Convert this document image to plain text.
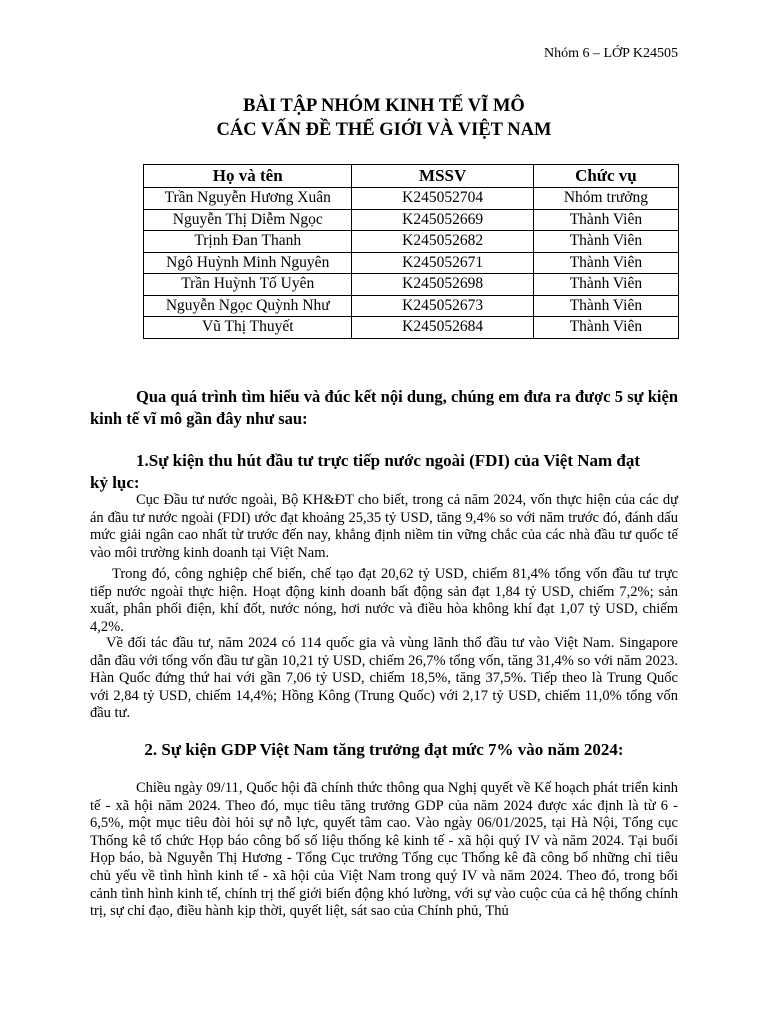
Nhóm 6 – LỚP K24505
BÀI TẬP NHÓM KINH TẾ VĨ MÔ
CÁC VẤN ĐỀ THẾ GIỚI VÀ VIỆT NAM
Họ và tên	MSSV	Chức vụ
Trần Nguyễn Hương Xuân	K245052704	Nhóm trưởng
Nguyễn Thị Diễm Ngọc	K245052669	Thành Viên
Trịnh Đan Thanh	K245052682	Thành Viên
Ngô Huỳnh Minh Nguyên	K245052671	Thành Viên
Trần Huỳnh Tố Uyên	K245052698	Thành Viên
Nguyễn Ngọc Quỳnh Như	K245052673	Thành Viên
Vũ Thị Thuyết	K245052684	Thành Viên
Qua quá trình tìm hiểu và đúc kết nội dung, chúng em đưa ra được 5 sự kiện kinh tế vĩ mô gần đây như sau:
1.Sự kiện thu hút đầu tư trực tiếp nước ngoài (FDI) của Việt Nam đạt
kỷ lục:
Cục Đầu tư nước ngoài, Bộ KH&ĐT cho biết, trong cả năm 2024, vốn thực hiện của các dự án đầu tư nước ngoài (FDI) ước đạt khoảng 25,35 tỷ USD, tăng 9,4% so với năm trước đó, đánh dấu mức giải ngân cao nhất từ trước đến nay, khẳng định niềm tin vững chắc của các nhà đầu tư quốc tế vào môi trường kinh doanh tại Việt Nam.
Trong đó, công nghiệp chế biến, chế tạo đạt 20,62 tỷ USD, chiếm 81,4% tổng vốn đầu tư trực tiếp nước ngoài thực hiện. Hoạt động kinh doanh bất động sản đạt 1,84 tỷ USD, chiếm 7,2%; sản xuất, phân phối điện, khí đốt, nước nóng, hơi nước và điều hòa không khí đạt 1,07 tỷ USD, chiếm 4,2%.
Về đối tác đầu tư, năm 2024 có 114 quốc gia và vùng lãnh thổ đầu tư vào Việt Nam. Singapore dẫn đầu với tổng vốn đầu tư gần 10,21 tỷ USD, chiếm 26,7% tổng vốn, tăng 31,4% so với năm 2023. Hàn Quốc đứng thứ hai với gần 7,06 tỷ USD, chiếm 18,5%, tăng 37,5%. Tiếp theo là Trung Quốc với 2,84 tỷ USD, chiếm 14,4%; Hồng Kông (Trung Quốc) với 2,17 tỷ USD, chiếm 11,0% tổng vốn đầu tư.
2. Sự kiện GDP Việt Nam tăng trưởng đạt mức 7% vào năm 2024:
Chiều ngày 09/11, Quốc hội đã chính thức thông qua Nghị quyết về Kế hoạch phát triển kinh tế - xã hội năm 2024. Theo đó, mục tiêu tăng trưởng GDP của năm 2024 được xác định là từ 6 - 6,5%, một mục tiêu đòi hỏi sự nỗ lực, quyết tâm cao. Vào ngày 06/01/2025, tại Hà Nội, Tổng cục Thống kê tổ chức Họp báo công bố số liệu thống kê kinh tế - xã hội quý IV và năm 2024. Tại buổi Họp báo, bà Nguyễn Thị Hương - Tổng Cục trưởng Tổng cục Thống kê đã công bố những chỉ tiêu chủ yếu về tình hình kinh tế - xã hội của Việt Nam trong quý IV và năm 2024. Theo đó, trong bối cảnh tình hình kinh tế, chính trị thế giới biến động khó lường, với sự vào cuộc của cả hệ thống chính trị, sự chỉ đạo, điều hành kịp thời, quyết liệt, sát sao của Chính phủ, Thủ
